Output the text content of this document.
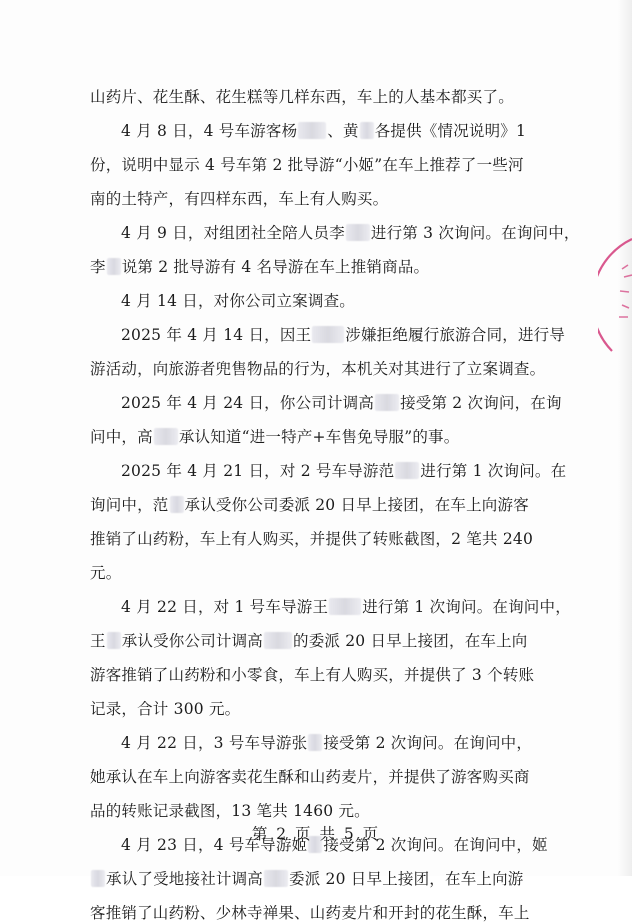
山药片、花生酥、花生糕等几样东西，车上的人基本都买了。
4 月 8 日，4 号车游客杨 、黄 各提供《情况说明》1
份，说明中显示 4 号车第 2 批导游“小姬”在车上推荐了一些河
南的土特产，有四样东西，车上有人购买。
4 月 9 日，对组团社全陪人员李 进行第 3 次询问。在询问中，
李 说第 2 批导游有 4 名导游在车上推销商品。
4 月 14 日，对你公司立案调查。
2025 年 4 月 14 日，因王 涉嫌拒绝履行旅游合同，进行导
游活动，向旅游者兜售物品的行为，本机关对其进行了立案调查。
2025 年 4 月 24 日，你公司计调高 接受第 2 次询问，在询
问中，高 承认知道“进一特产+车售免导服”的事。
2025 年 4 月 21 日，对 2 号车导游范 进行第 1 次询问。在
询问中，范 承认受你公司委派 20 日早上接团，在车上向游客
推销了山药粉，车上有人购买，并提供了转账截图，2 笔共 240
元。
4 月 22 日，对 1 号车导游王 进行第 1 次询问。在询问中，
王 承认受你公司计调高 的委派 20 日早上接团，在车上向
游客推销了山药粉和小零食，车上有人购买，并提供了 3 个转账
记录，合计 300 元。
4 月 22 日，3 号车导游张 接受第 2 次询问。在询问中，
她承认在车上向游客卖花生酥和山药麦片，并提供了游客购买商
品的转账记录截图，13 笔共 1460 元。
4 月 23 日，4 号车导游姬 接受第 2 次询问。在询问中，姬
承认了受地接社计调高 委派 20 日早上接团，在车上向游
客推销了山药粉、少林寺禅果、山药麦片和开封的花生酥，车上
第 2 页 共 5 页
